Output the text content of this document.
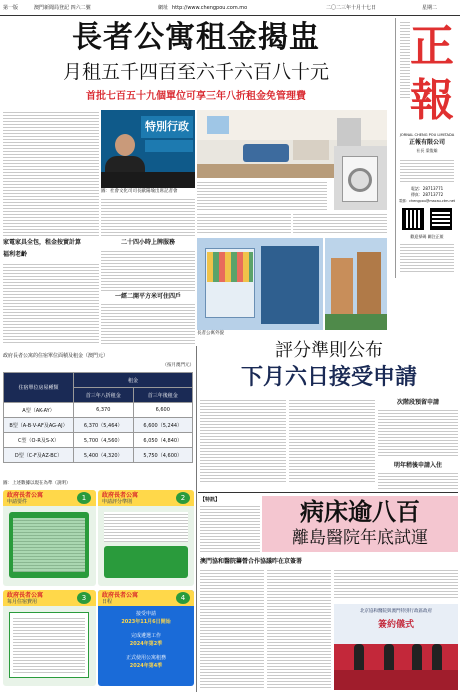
第一版	澳門新聞局登記 四六二號	網址 http://www.chengpou.com.mo	二〇二三年十月十七日	星期二
長者公寓租金揭盅
月租五千四百至六千六百八十元
首批七百五十九個單位可享三年八折租金免管理費
正
報
JORNAL CHENG POU LIMITADA
正報有限公司
社長 梁俊雄
電話：28713771
傳真：28713772
電郵：chengpou@macau.ctm.net
歡迎掃碼 關注正報
家電家具全包，租金按實計算
福利老齡
特別行政
圖：社會文化司司長歐陽瑜出席記者會
二十四小時上牌服務
一經二開平方米可住四戶
長者公寓外貌
政府長者公寓的住宿單位面積及租金（澳門元）
（按月澳門元）
住宿單位房屋種類	租金	
	首三年八折租金	首三年後租金
A型（AK-AY）	6,370	6,600
B型（A-B·V-AF及AG-AJ）	6,370（5,464）	6,600（5,244）
C型（O-R及S-X）	5,700（4,560）	6,050（4,840）
D型（C-F及AZ-BC）	5,400（4,320）	5,750（4,600）
圖：上述數據以現在為準（說明）
政府長者公寓
申請要件	1	政府長者公寓
申請評分準則	2
政府長者公寓
每月住宿費用	3	政府長者公寓
日程	4
接受申請
2023年11月6日開始
完成遴選工作
2024年第2季
正式使用公寓租務
2024年第4季
評分準則公布
下月六日接受申請
次階段預留申請
明年稍後申請入住
【特訊】	病床逾八百
離島醫院年底試運
澳門協和醫院籌營合作協議昨在京簽署
北京協和醫院與澳門特別行政區政府
簽約儀式
